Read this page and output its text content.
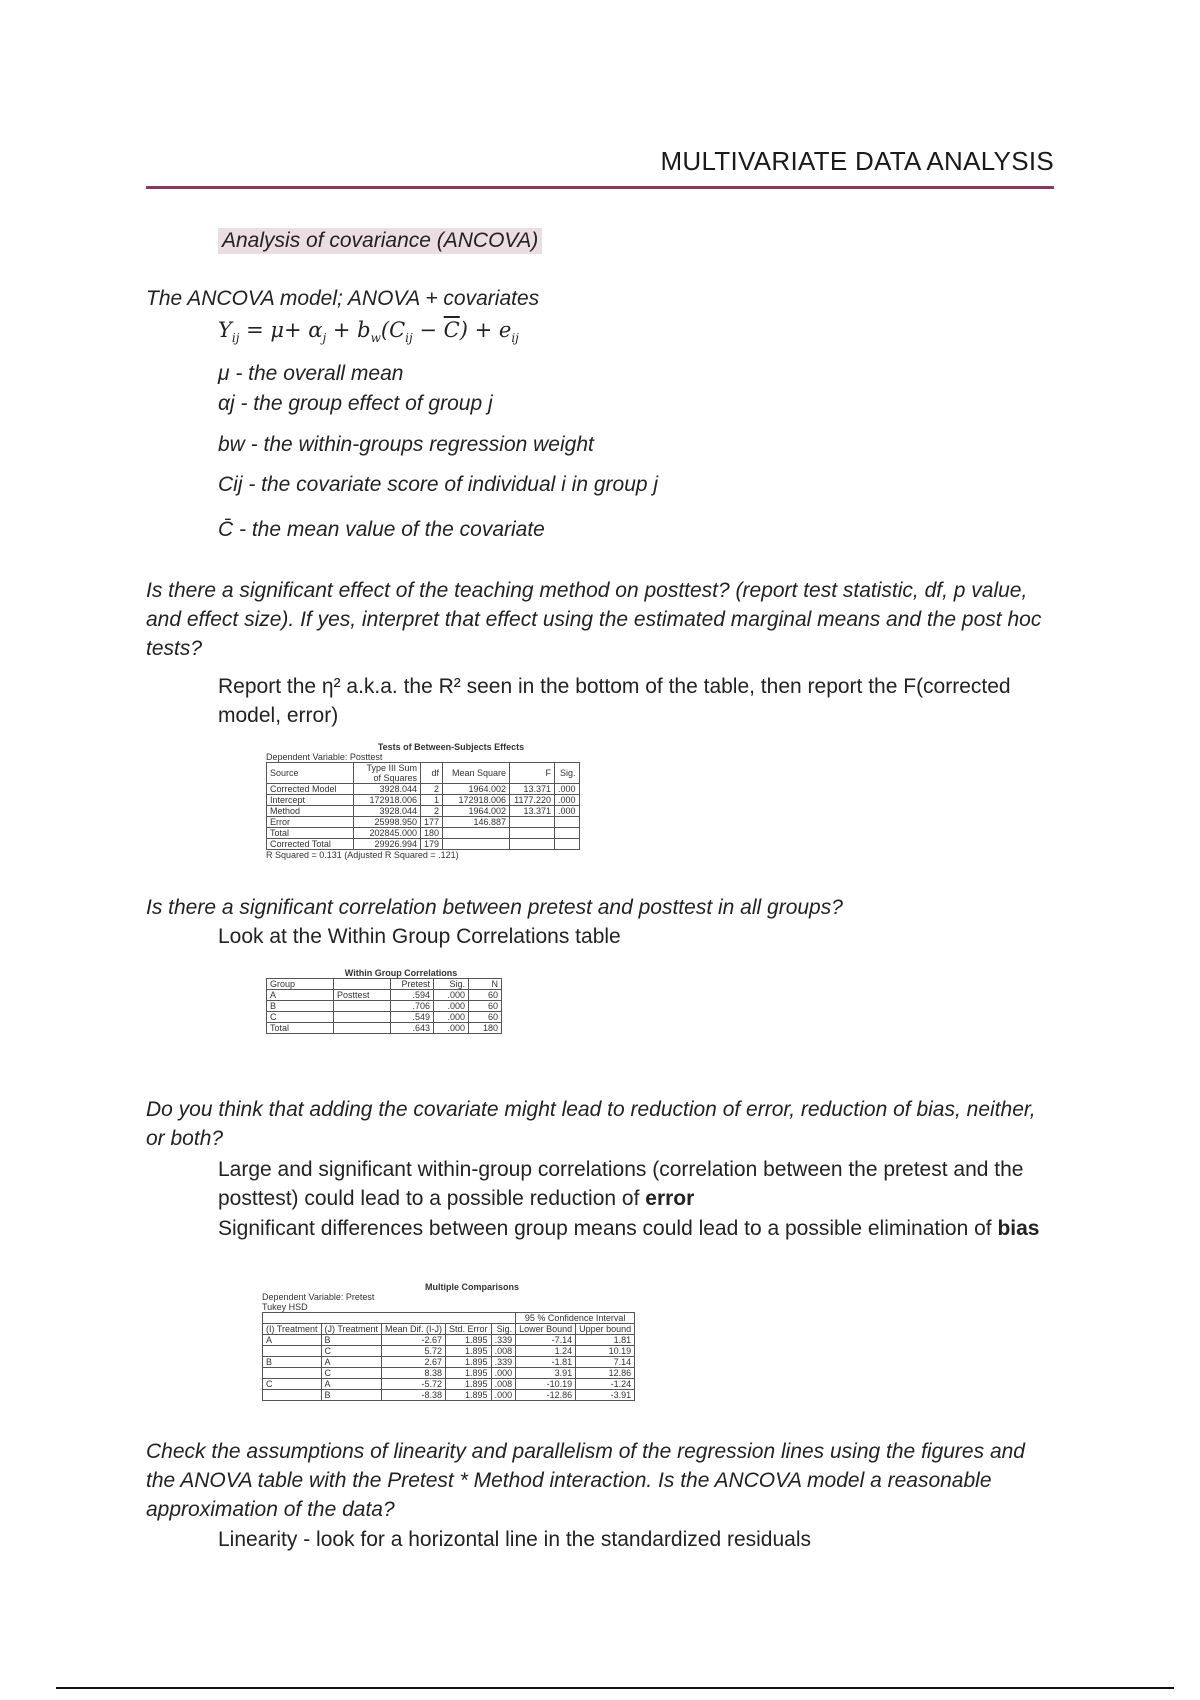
MULTIVARIATE DATA ANALYSIS
Analysis of covariance (ANCOVA)
The ANCOVA model; ANOVA + covariates
$Y_{ij} = \mu+ \alpha_j + b_w(C_{ij} - \overline{C}) + e_{ij}$
μ - the overall mean
αj - the group effect of group j
bw - the within-groups regression weight
Cij - the covariate score of individual i in group j
C̄ - the mean value of the covariate
Is there a significant effect of the teaching method on posttest? (report test statistic, df, p value, and effect size). If yes, interpret that effect using the estimated marginal means and the post hoc tests?
Report the η² a.k.a. the R² seen in the bottom of the table, then report the F(corrected model, error)
Tests of Between-Subjects Effects
Dependent Variable: Posttest
Source	Type III Sum of Squares	df	Mean Square	F	Sig.
Corrected Model	3928.044	2	1964.002	13.371	.000
Intercept	172918.006	1	172918.006	1177.220	.000
Method	3928.044	2	1964.002	13.371	.000
Error	25998.950	177	146.887		
Total	202845.000	180			
Corrected Total	29926.994	179			
R Squared = 0.131 (Adjusted R Squared = .121)
Is there a significant correlation between pretest and posttest in all groups?
Look at the Within Group Correlations table
Within Group Correlations
Group		Pretest	Sig.	N
A	Posttest	.594	.000	60
B		.706	.000	60
C		.549	.000	60
Total		.643	.000	180
Do you think that adding the covariate might lead to reduction of error, reduction of bias, neither, or both?
Large and significant within-group correlations (correlation between the pretest and the posttest) could lead to a possible reduction of error
Significant differences between group means could lead to a possible elimination of bias
Multiple Comparisons
Dependent Variable: Pretest
Tukey HSD
					95 % Confidence Interval	
(I) Treatment	(J) Treatment	Mean Dif. (I-J)	Std. Error	Sig.	Lower Bound	Upper bound
A	B	-2.67	1.895	.339	-7.14	1.81
	C	5.72	1.895	.008	1.24	10.19
B	A	2.67	1.895	.339	-1.81	7.14
	C	8.38	1.895	.000	3.91	12.86
C	A	-5.72	1.895	.008	-10.19	-1.24
	B	-8.38	1.895	.000	-12.86	-3.91
Check the assumptions of linearity and parallelism of the regression lines using the figures and the ANOVA table with the Pretest * Method interaction. Is the ANCOVA model a reasonable approximation of the data?
Linearity - look for a horizontal line in the standardized residuals
